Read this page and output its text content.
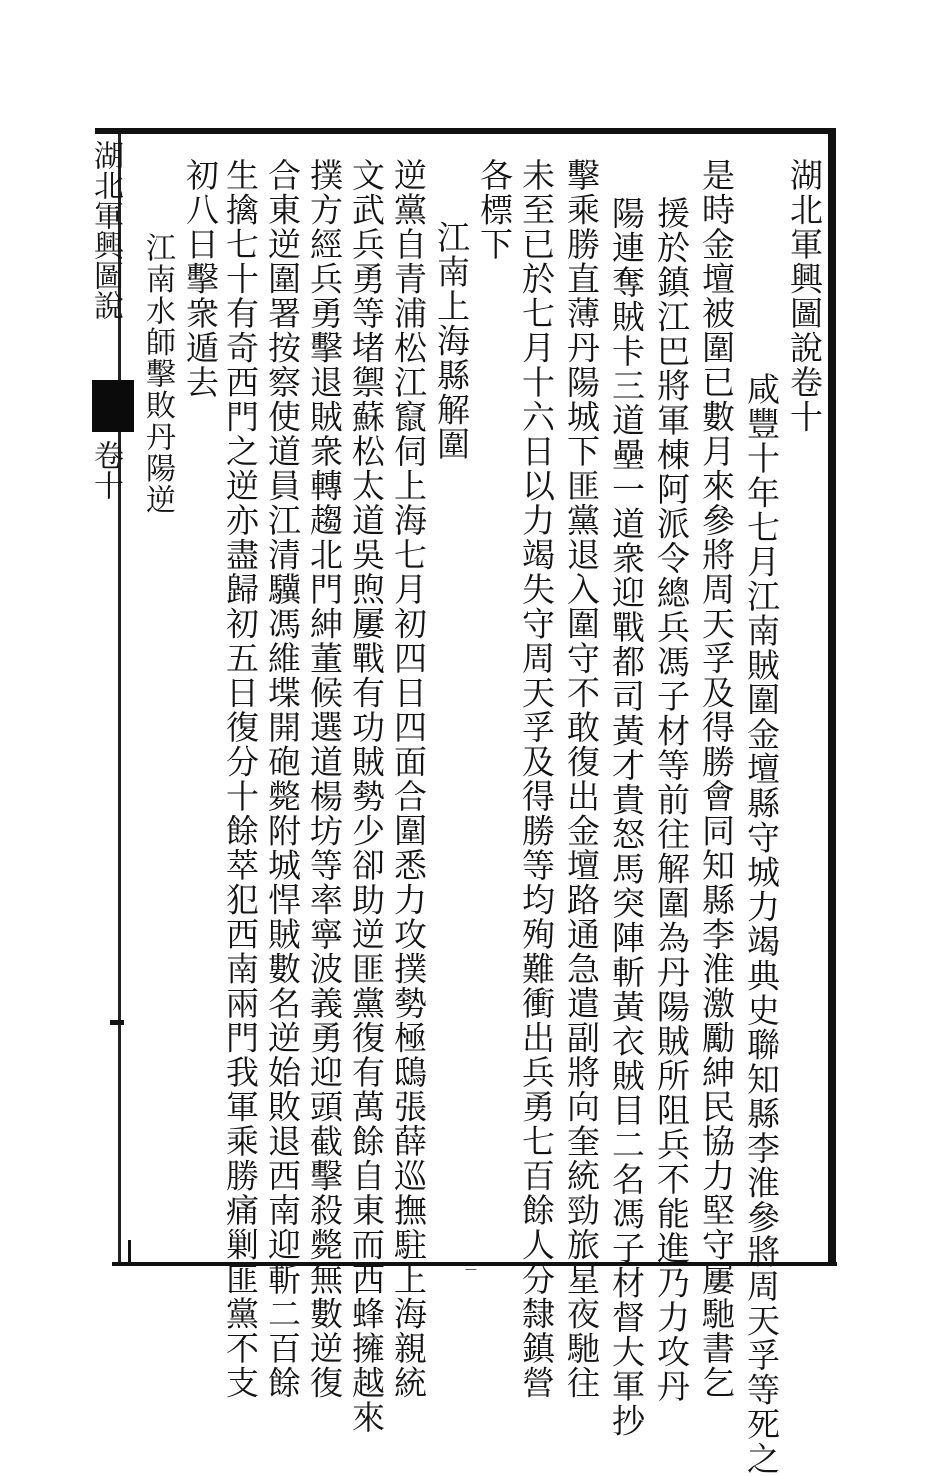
湖北軍興圖說卷十
咸豐十年七月江南賊圍金壇縣守城力竭典史聯知縣李淮參將周天孚等死之
是時金壇被圍已數月來參將周天孚及得勝會同知縣李淮激勵紳民協力堅守屢馳書乞
援於鎮江巴將軍棟阿派令總兵馮子材等前往解圍為丹陽賊所阻兵不能進乃力攻丹
陽連奪賊卡三道壘一道衆迎戰都司黃才貴怒馬突陣斬黃衣賊目二名馮子材督大軍抄
擊乘勝直薄丹陽城下匪黨退入圍守不敢復出金壇路通急遣副將向奎統勁旅星夜馳往
未至已於七月十六日以力竭失守周天孚及得勝等均殉難衝出兵勇七百餘人分隸鎮營
各標下
江南上海縣解圍
逆黨自青浦松江竄伺上海七月初四日四面合圍悉力攻撲勢極鴟張薛巡撫駐上海親統
文武兵勇等堵禦蘇松太道吳煦屢戰有功賊勢少卻助逆匪黨復有萬餘自東而西蜂擁越來
撲方經兵勇擊退賊衆轉趨北門紳董候選道楊坊等率寧波義勇迎頭截擊殺斃無數逆復
合東逆圍署按察使道員江清驥馮維堞開砲斃附城悍賊數名逆始敗退西南迎斬二百餘
生擒七十有奇西門之逆亦盡歸初五日復分十餘萃犯西南兩門我軍乘勝痛剿匪黨不支
初八日擊衆遁去
江南水師擊敗丹陽逆
湖北軍興圖說
卷十
—
